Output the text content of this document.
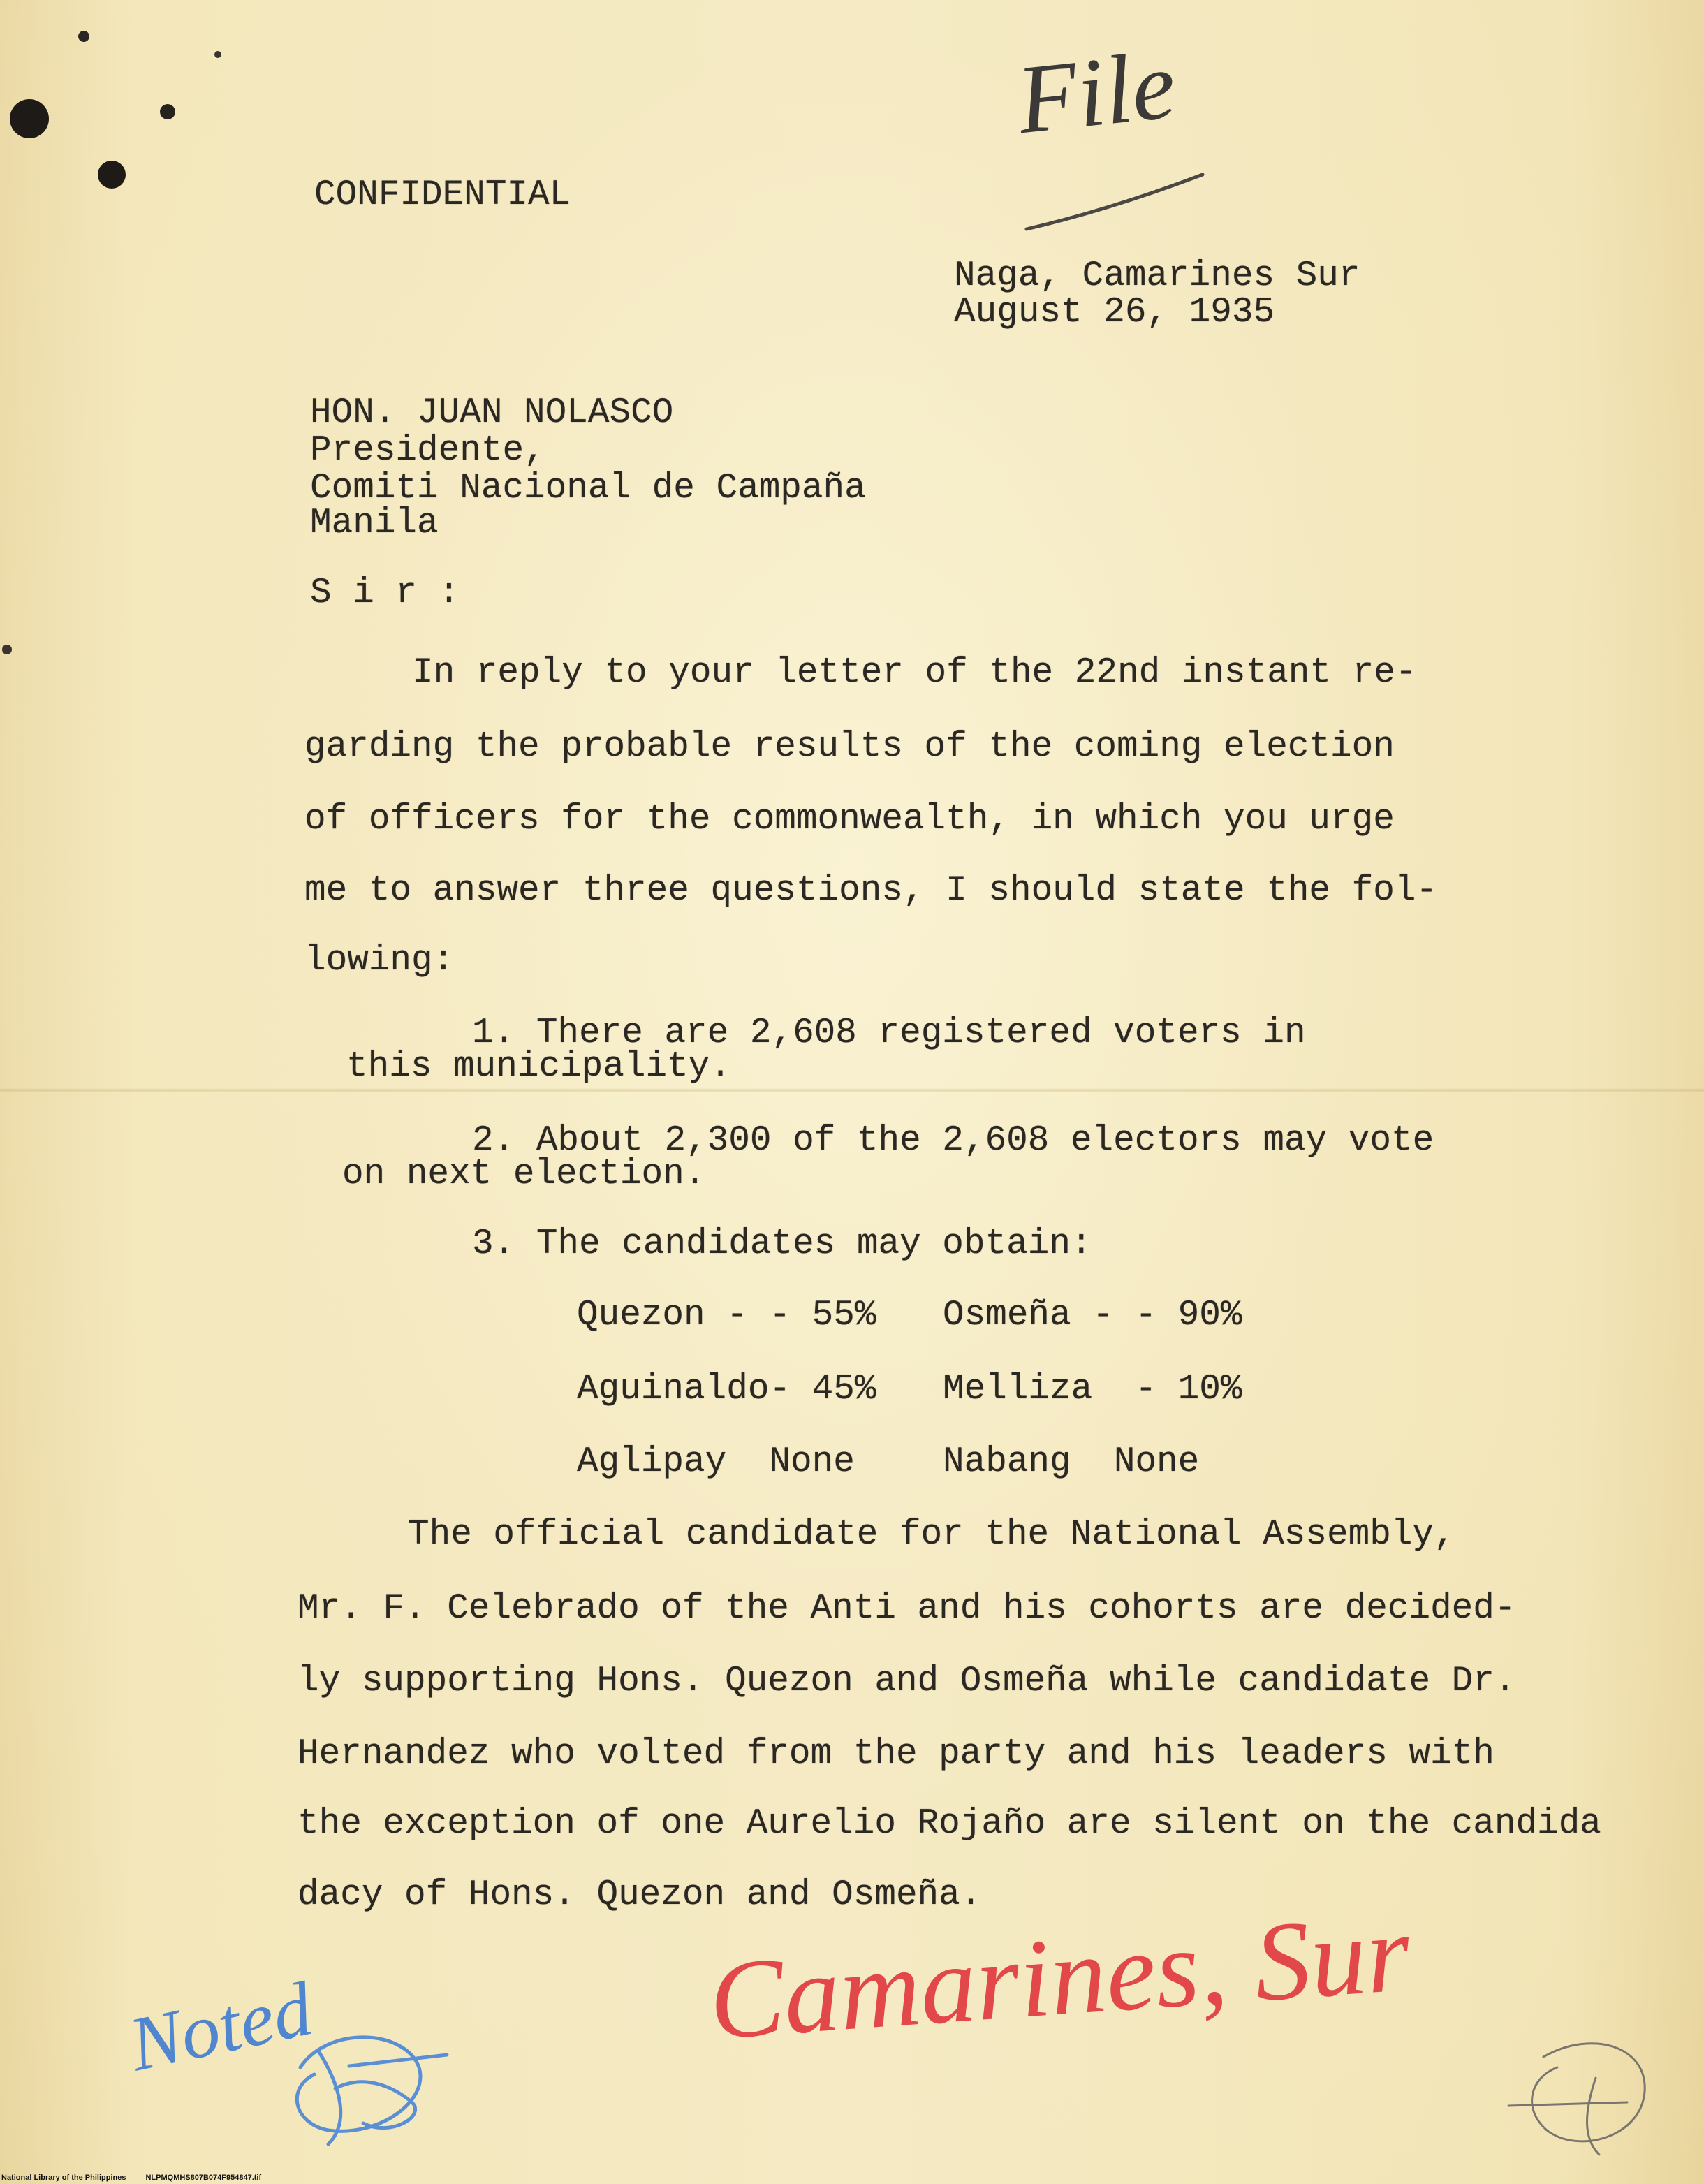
File
Camarines, Sur
Noted
CONFIDENTIAL
Naga, Camarines Sur
August 26, 1935
HON. JUAN NOLASCO
Presidente,
Comiti Nacional de Campaña
Manila
S i r :
In reply to your letter of the 22nd instant re-
garding the probable results of the coming election
of officers for the commonwealth, in which you urge
me to answer three questions, I should state the fol-
lowing:
1. There are 2,608 registered voters in
this municipality.
2. About 2,300 of the 2,608 electors may vote
on next election.
3. The candidates may obtain:
Quezon - - 55% Osmeña - - 90%
Aguinaldo- 45% Melliza  - 10%
Aglipay  None Nabang  None
The official candidate for the National Assembly,
Mr. F. Celebrado of the Anti and his cohorts are decided-
ly supporting Hons. Quezon and Osmeña while candidate Dr.
Hernandez who volted from the party and his leaders with
the exception of one Aurelio Rojaño are silent on the candida
dacy of Hons. Quezon and Osmeña.
National Library of the Philippines	NLPMQMHS807B074F954847.tif
